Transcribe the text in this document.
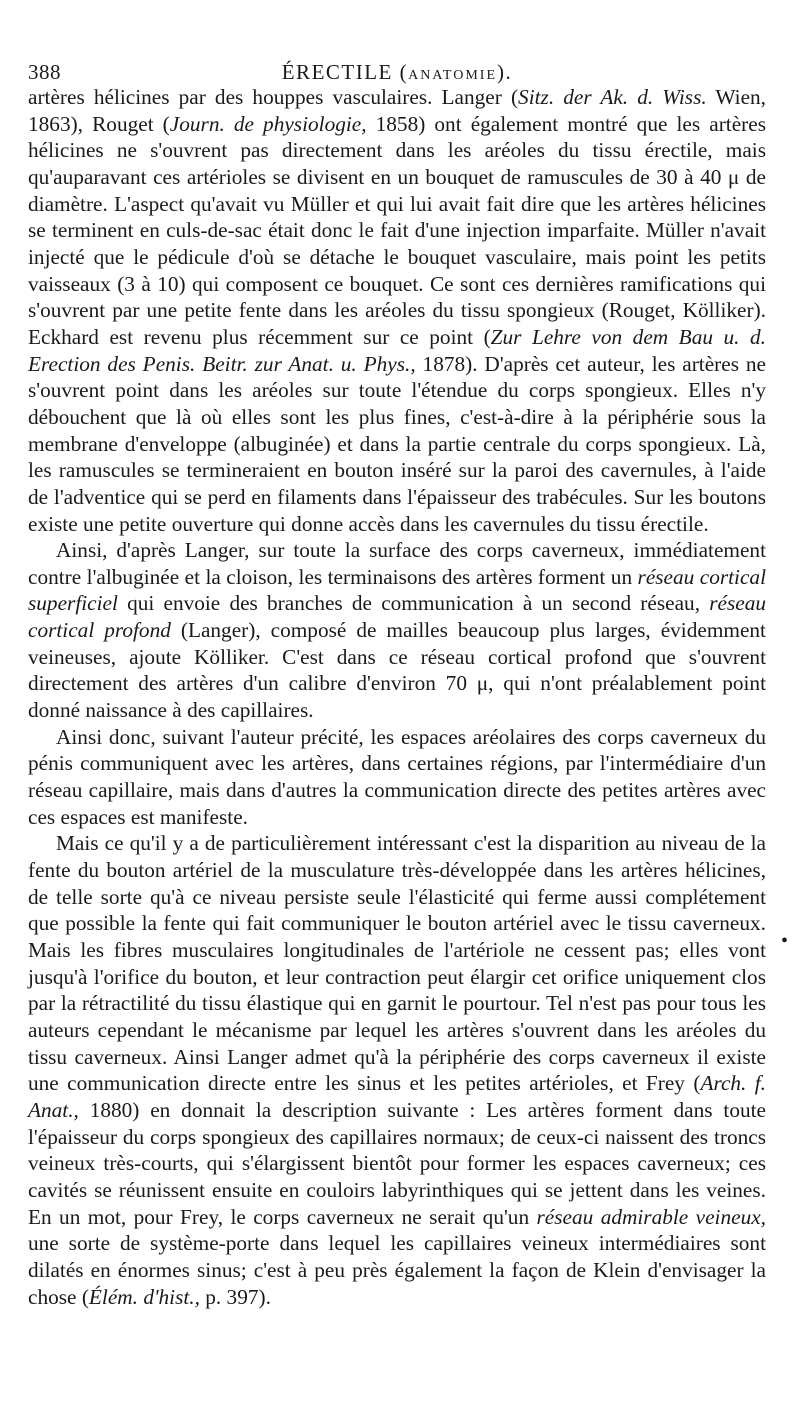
388	ÉRECTILE (ANATOMIE).

artères hélicines par des houppes vasculaires. Langer (Sitz. der Ak. d. Wiss. Wien, 1863), Rouget (Journ. de physiologie, 1858) ont également montré que les artères hélicines ne s'ouvrent pas directement dans les aréoles du tissu érectile, mais qu'auparavant ces artérioles se divisent en un bouquet de ramuscules de 30 à 40 μ de diamètre. L'aspect qu'avait vu Müller et qui lui avait fait dire que les artères hélicines se terminent en culs-de-sac était donc le fait d'une injection imparfaite. Müller n'avait injecté que le pédicule d'où se détache le bouquet vasculaire, mais point les petits vaisseaux (3 à 10) qui composent ce bouquet. Ce sont ces dernières ramifications qui s'ouvrent par une petite fente dans les aréoles du tissu spongieux (Rouget, Kölliker). Eckhard est revenu plus récemment sur ce point (Zur Lehre von dem Bau u. d. Erection des Penis. Beitr. zur Anat. u. Phys., 1878). D'après cet auteur, les artères ne s'ouvrent point dans les aréoles sur toute l'étendue du corps spongieux. Elles n'y débouchent que là où elles sont les plus fines, c'est-à-dire à la périphérie sous la membrane d'enveloppe (albuginée) et dans la partie centrale du corps spongieux. Là, les ramuscules se termineraient en bouton inséré sur la paroi des cavernules, à l'aide de l'adventice qui se perd en filaments dans l'épaisseur des trabécules. Sur les boutons existe une petite ouverture qui donne accès dans les cavernules du tissu érectile.

Ainsi, d'après Langer, sur toute la surface des corps caverneux, immédiatement contre l'albuginée et la cloison, les terminaisons des artères forment un réseau cortical superficiel qui envoie des branches de communication à un second réseau, réseau cortical profond (Langer), composé de mailles beaucoup plus larges, évidemment veineuses, ajoute Kölliker. C'est dans ce réseau cortical profond que s'ouvrent directement des artères d'un calibre d'environ 70 μ, qui n'ont préalablement point donné naissance à des capillaires.

Ainsi donc, suivant l'auteur précité, les espaces aréolaires des corps caverneux du pénis communiquent avec les artères, dans certaines régions, par l'intermédiaire d'un réseau capillaire, mais dans d'autres la communication directe des petites artères avec ces espaces est manifeste.

Mais ce qu'il y a de particulièrement intéressant c'est la disparition au niveau de la fente du bouton artériel de la musculature très-développée dans les artères hélicines, de telle sorte qu'à ce niveau persiste seule l'élasticité qui ferme aussi complétement que possible la fente qui fait communiquer le bouton artériel avec le tissu caverneux. Mais les fibres musculaires longitudinales de l'artériole ne cessent pas; elles vont jusqu'à l'orifice du bouton, et leur contraction peut élargir cet orifice uniquement clos par la rétractilité du tissu élastique qui en garnit le pourtour. Tel n'est pas pour tous les auteurs cependant le mécanisme par lequel les artères s'ouvrent dans les aréoles du tissu caverneux. Ainsi Langer admet qu'à la périphérie des corps caverneux il existe une communication directe entre les sinus et les petites artérioles, et Frey (Arch. f. Anat., 1880) en donnait la description suivante : Les artères forment dans toute l'épaisseur du corps spongieux des capillaires normaux; de ceux-ci naissent des troncs veineux très-courts, qui s'élargissent bientôt pour former les espaces caverneux; ces cavités se réunissent ensuite en couloirs labyrinthiques qui se jettent dans les veines. En un mot, pour Frey, le corps caverneux ne serait qu'un réseau admirable veineux, une sorte de système-porte dans lequel les capillaires veineux intermédiaires sont dilatés en énormes sinus; c'est à peu près également la façon de Klein d'envisager la chose (Élém. d'hist., p. 397).

•
